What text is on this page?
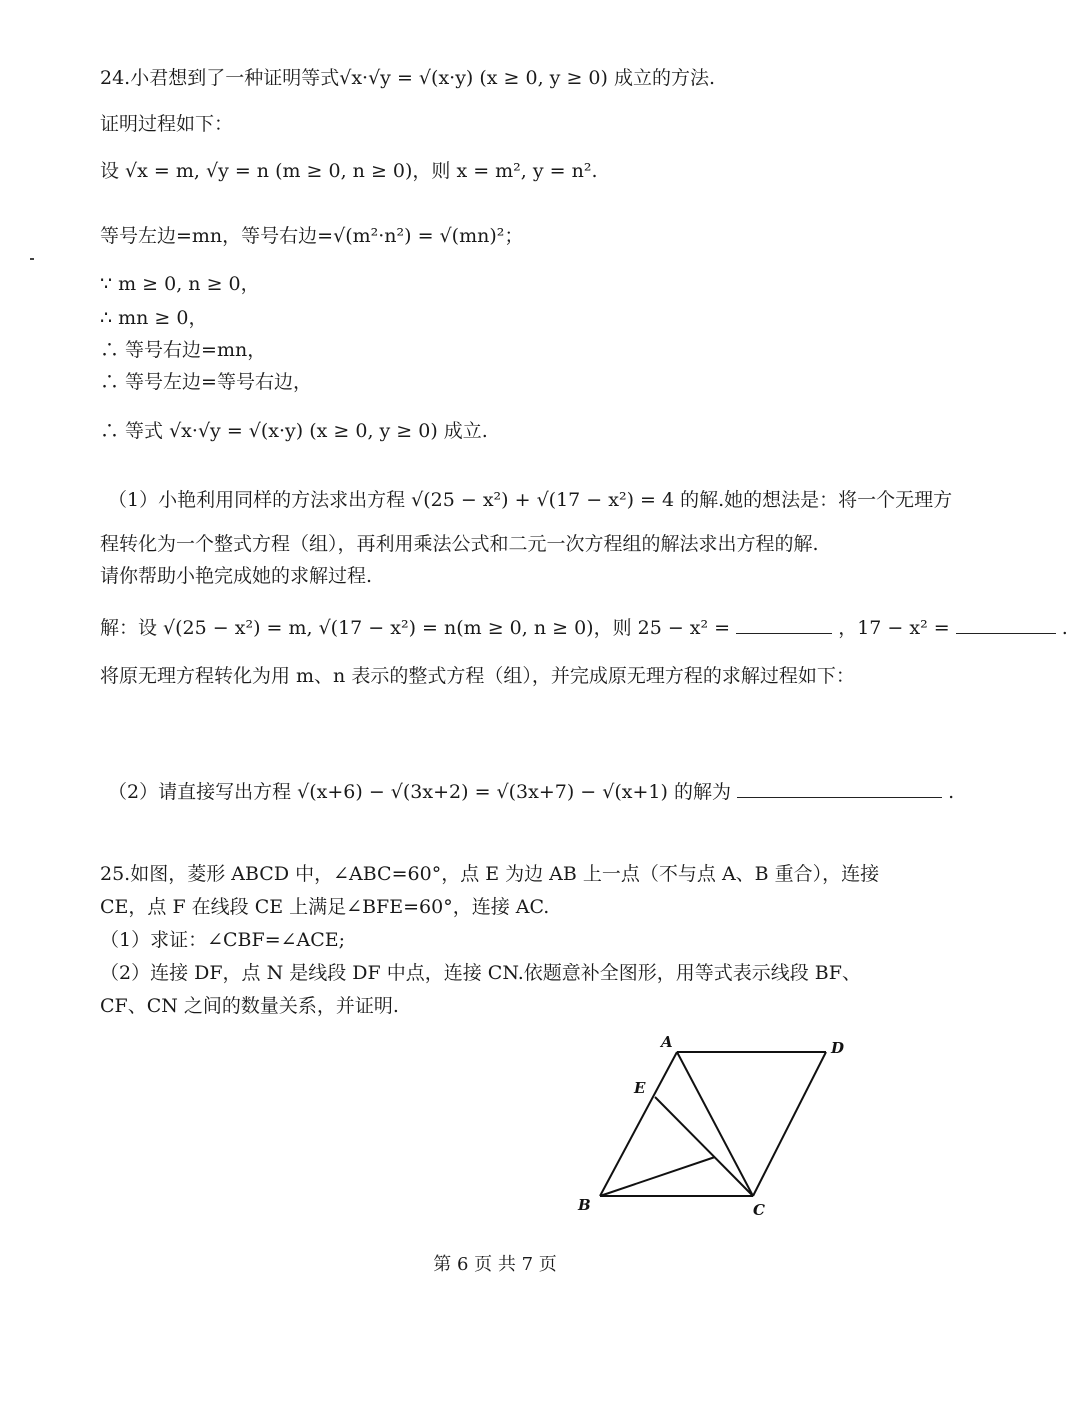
24.小君想到了一种证明等式√x·√y = √(x·y) (x ≥ 0, y ≥ 0) 成立的方法.
证明过程如下：
设 √x = m, √y = n (m ≥ 0, n ≥ 0)，则 x = m², y = n².
等号左边=mn，等号右边=√(m²·n²) = √(mn)²；
∵ m ≥ 0, n ≥ 0，
∴ mn ≥ 0，
∴ 等号右边=mn，
∴ 等号左边=等号右边，
∴ 等式 √x·√y = √(x·y) (x ≥ 0, y ≥ 0) 成立.
（1）小艳利用同样的方法求出方程 √(25 − x²) + √(17 − x²) = 4 的解.她的想法是：将一个无理方
程转化为一个整式方程（组），再利用乘法公式和二元一次方程组的解法求出方程的解.
请你帮助小艳完成她的求解过程.
解：设 √(25 − x²) = m, √(17 − x²) = n(m ≥ 0, n ≥ 0)，则 25 − x² =	，17 − x² =	.
将原无理方程转化为用 m、n 表示的整式方程（组），并完成原无理方程的求解过程如下：
（2）请直接写出方程 √(x+6) − √(3x+2) = √(3x+7) − √(x+1) 的解为	.
25.如图，菱形 ABCD 中，∠ABC=60°，点 E 为边 AB 上一点（不与点 A、B 重合），连接
CE，点 F 在线段 CE 上满足∠BFE=60°，连接 AC.
（1）求证：∠CBF=∠ACE;
（2）连接 DF，点 N 是线段 DF 中点，连接 CN.依题意补全图形，用等式表示线段 BF、
CF、CN 之间的数量关系，并证明.
A	D
E
B	C
第 6 页 共 7 页
